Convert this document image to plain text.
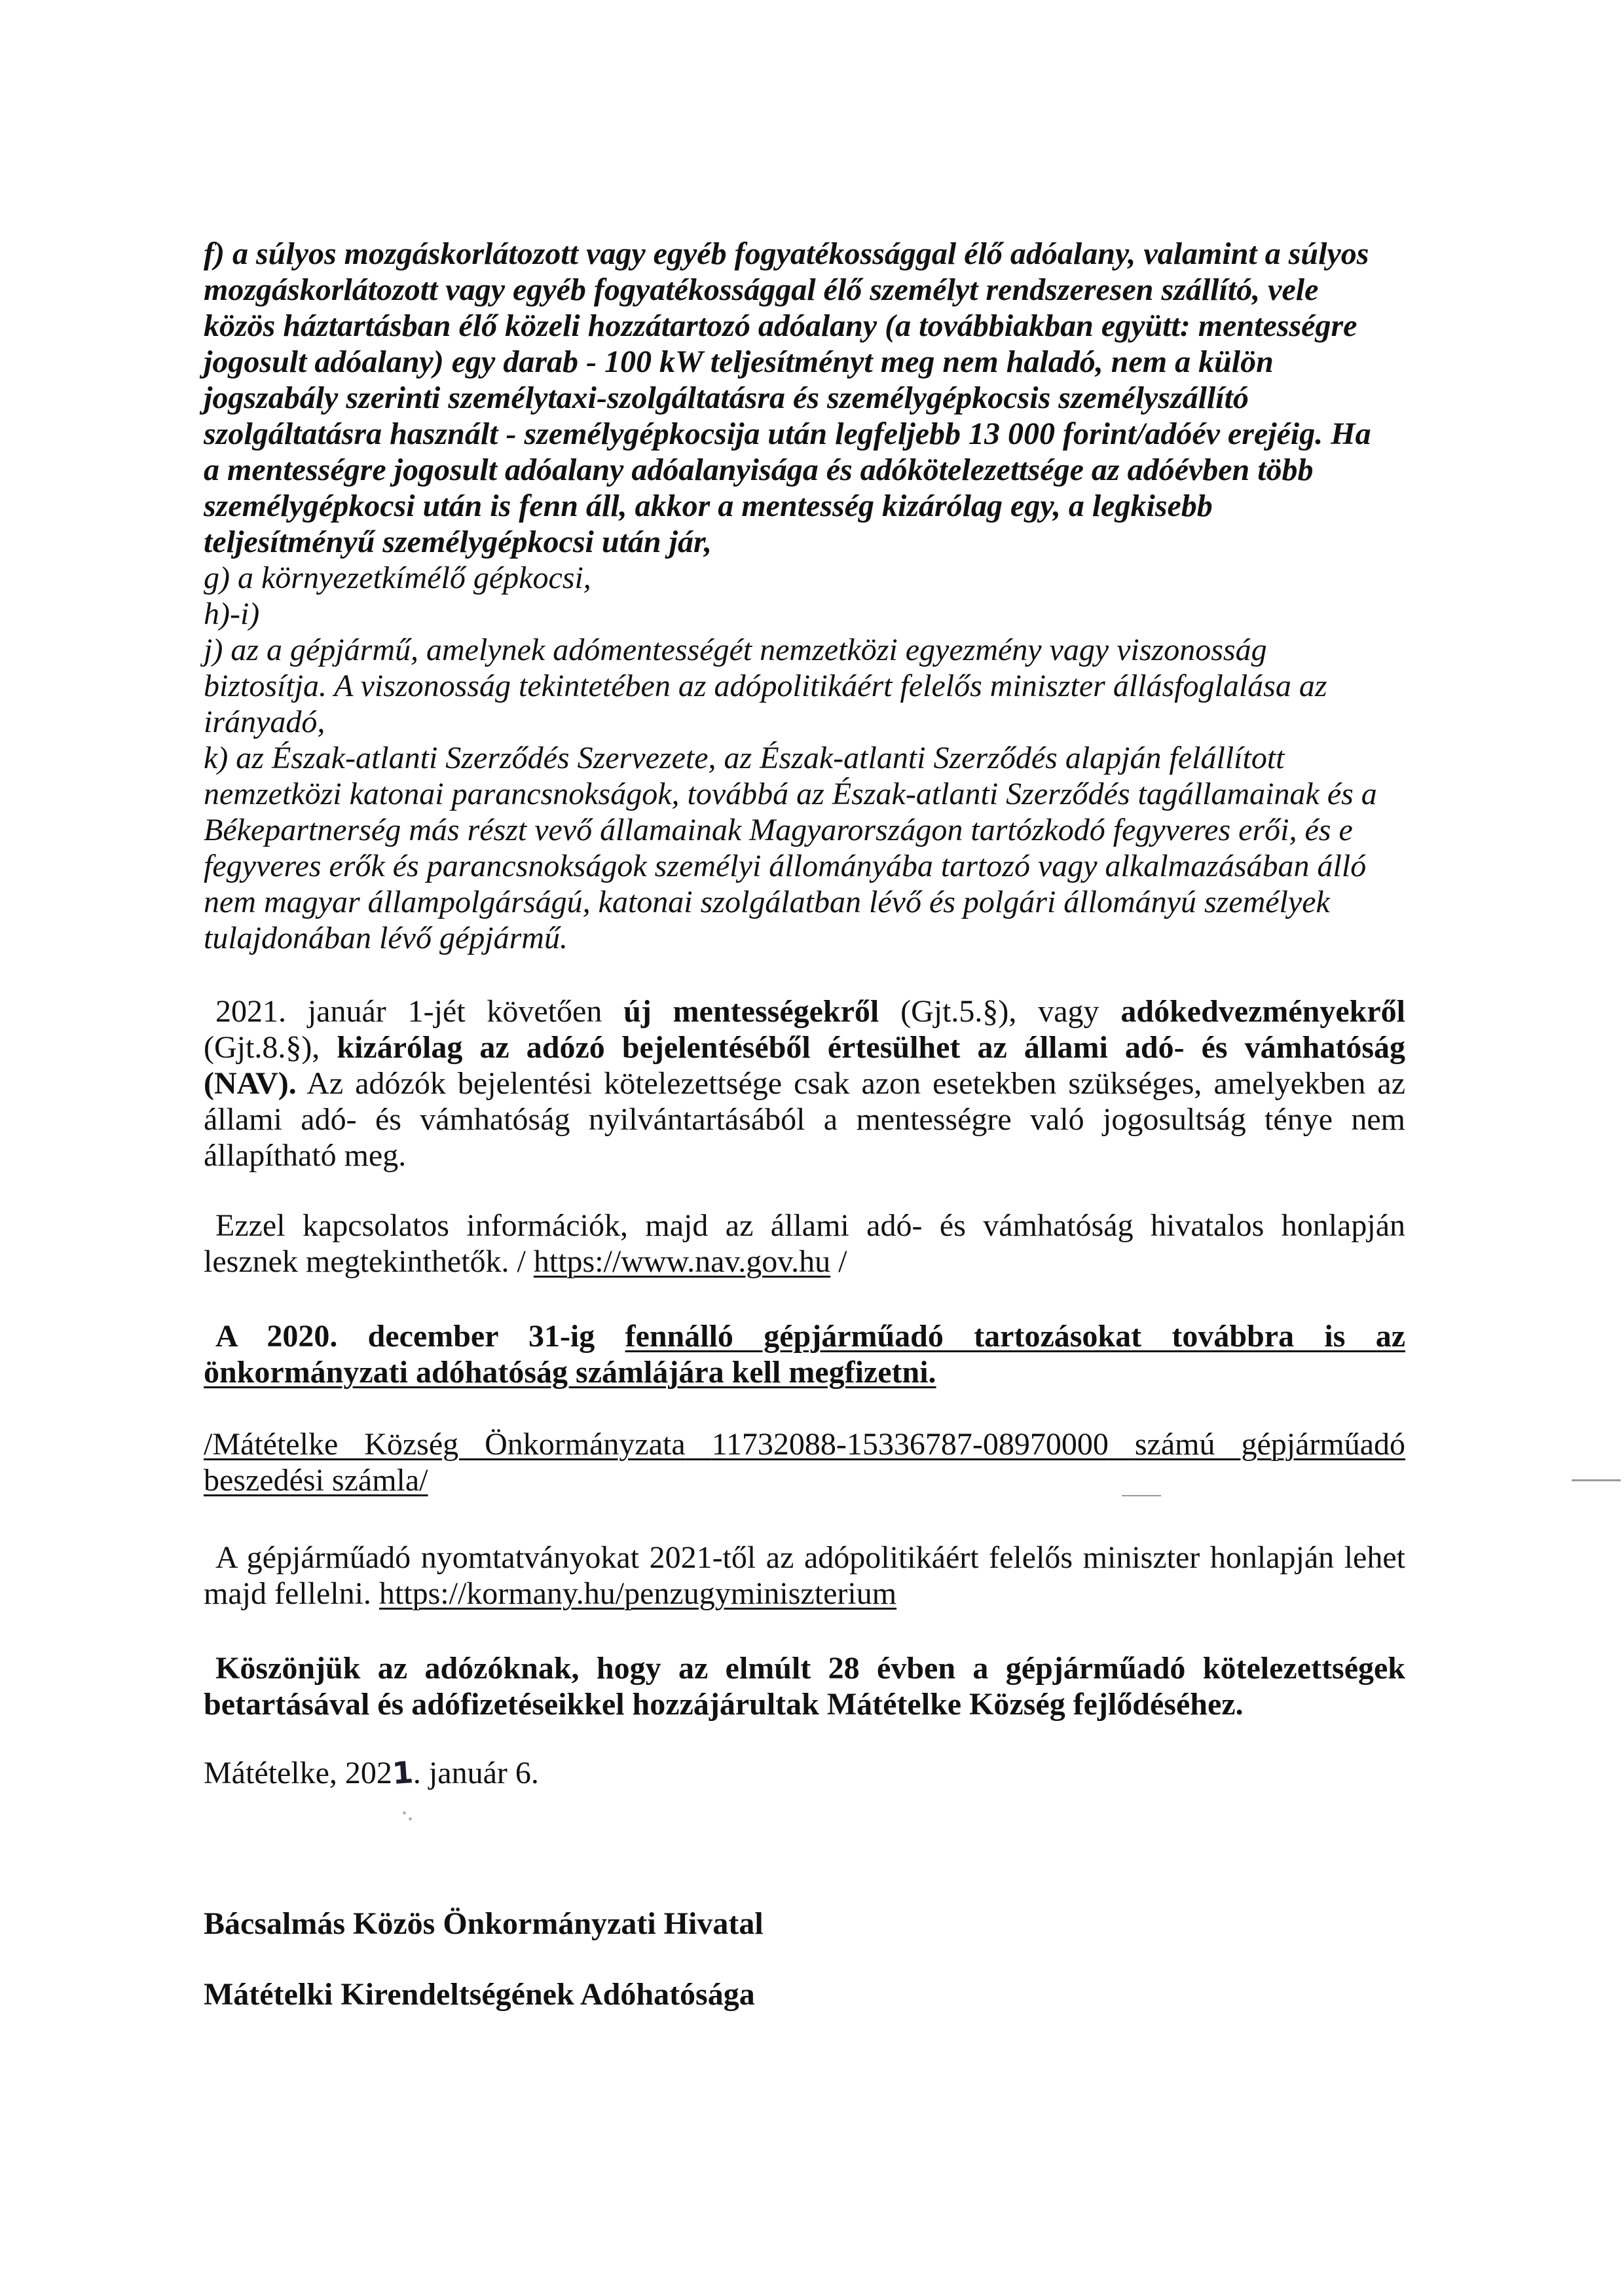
f) a súlyos mozgáskorlátozott vagy egyéb fogyatékossággal élő adóalany, valamint a súlyos
mozgáskorlátozott vagy egyéb fogyatékossággal élő személyt rendszeresen szállító, vele
közös háztartásban élő közeli hozzátartozó adóalany (a továbbiakban együtt: mentességre
jogosult adóalany) egy darab - 100 kW teljesítményt meg nem haladó, nem a külön
jogszabály szerinti személytaxi-szolgáltatásra és személygépkocsis személyszállító
szolgáltatásra használt - személygépkocsija után legfeljebb 13 000 forint/adóév erejéig. Ha
a mentességre jogosult adóalany adóalanyisága és adókötelezettsége az adóévben több
személygépkocsi után is fenn áll, akkor a mentesség kizárólag egy, a legkisebb
teljesítményű személygépkocsi után jár,
g) a környezetkímélő gépkocsi,
h)-i)
j) az a gépjármű, amelynek adómentességét nemzetközi egyezmény vagy viszonosság
biztosítja. A viszonosság tekintetében az adópolitikáért felelős miniszter állásfoglalása az
irányadó,
k) az Észak-atlanti Szerződés Szervezete, az Észak-atlanti Szerződés alapján felállított
nemzetközi katonai parancsnokságok, továbbá az Észak-atlanti Szerződés tagállamainak és a
Békepartnerség más részt vevő államainak Magyarországon tartózkodó fegyveres erői, és e
fegyveres erők és parancsnokságok személyi állományába tartozó vagy alkalmazásában álló
nem magyar állampolgárságú, katonai szolgálatban lévő és polgári állományú személyek
tulajdonában lévő gépjármű.
2021. január 1-jét követően új mentességekről (Gjt.5.§), vagy adókedvezményekről
(Gjt.8.§), kizárólag az adózó bejelentéséből értesülhet az állami adó- és vámhatóság
(NAV). Az adózók bejelentési kötelezettsége csak azon esetekben szükséges, amelyekben az
állami adó- és vámhatóság nyilvántartásából a mentességre való jogosultság ténye nem
állapítható meg.
Ezzel kapcsolatos információk, majd az állami adó- és vámhatóság hivatalos honlapján
lesznek megtekinthetők. / https://www.nav.gov.hu /
A 2020. december 31-ig fennálló gépjárműadó tartozásokat továbbra is az
önkormányzati adóhatóság számlájára kell megfizetni.
/Mátételke Község Önkormányzata 11732088-15336787-08970000 számú gépjárműadó
beszedési számla/
A gépjárműadó nyomtatványokat 2021-től az adópolitikáért felelős miniszter honlapján lehet
majd fellelni. https://kormany.hu/penzugyminiszterium
Köszönjük az adózóknak, hogy az elmúlt 28 évben a gépjárműadó kötelezettségek
betartásával és adófizetéseikkel hozzájárultak Mátételke Község fejlődéséhez.
Mátételke, 2021. január 6.
Bácsalmás Közös Önkormányzati Hivatal
Mátételki Kirendeltségének Adóhatósága
